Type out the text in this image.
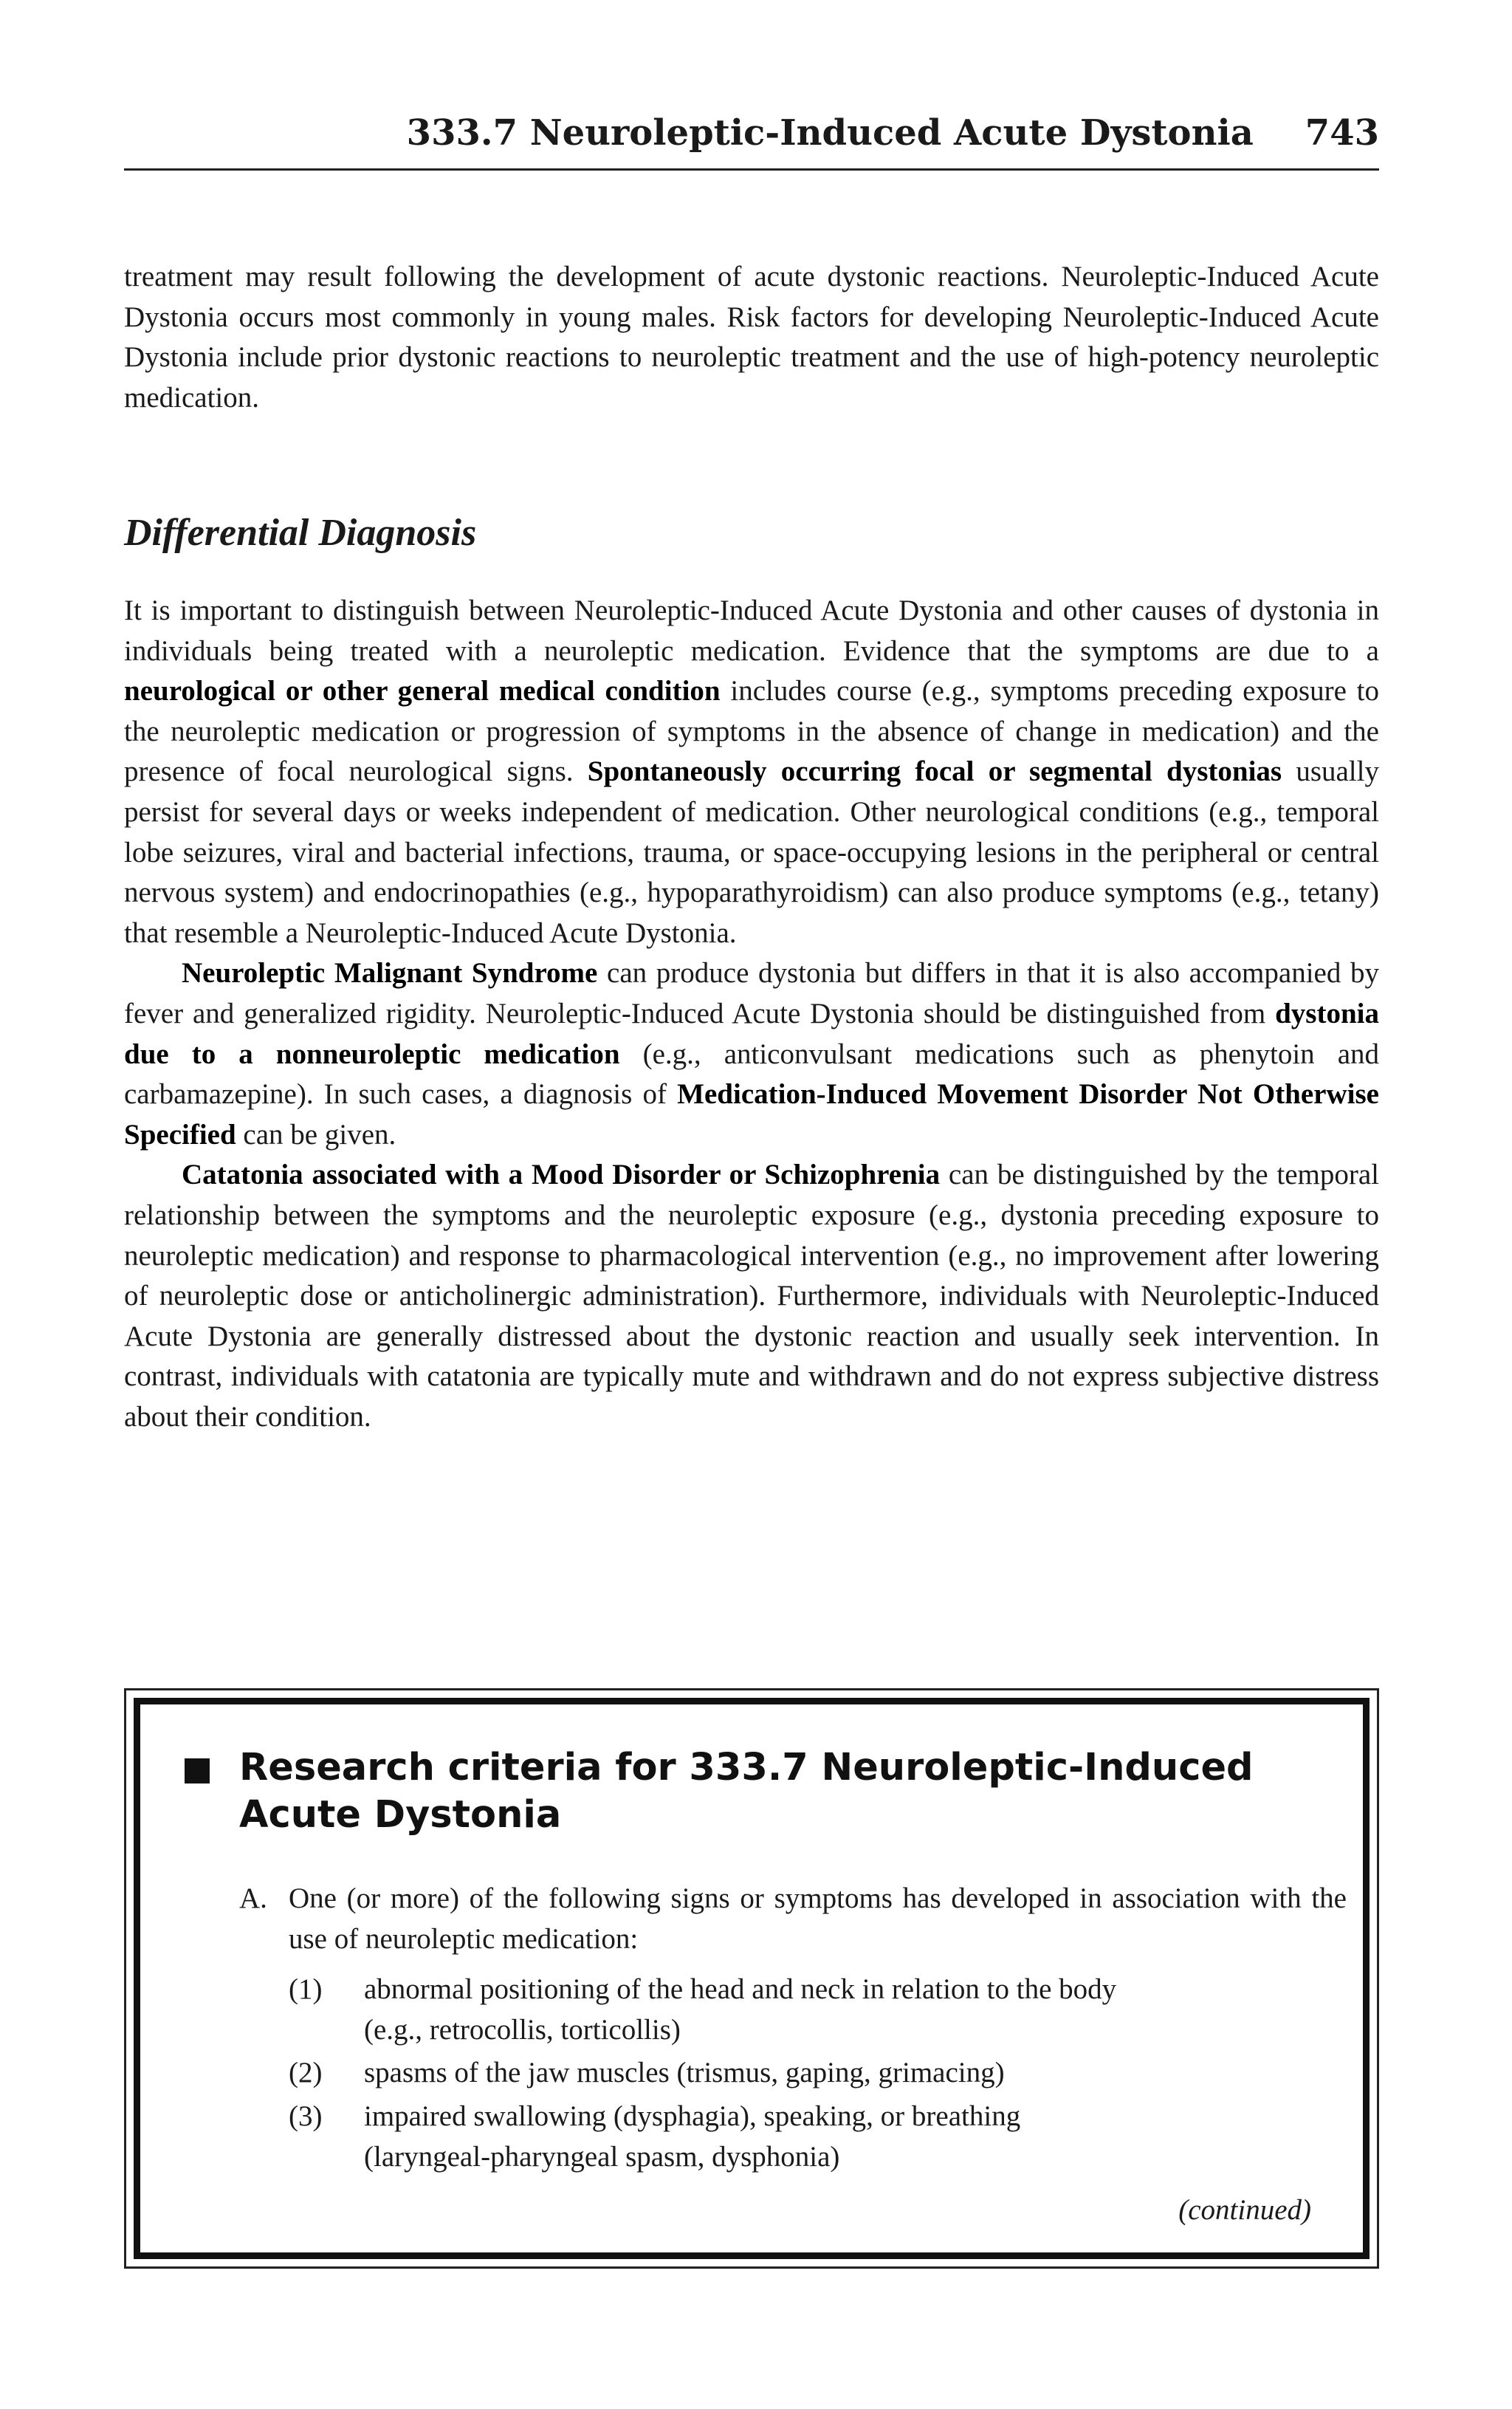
333.7 Neuroleptic-Induced Acute Dystonia 743

treatment may result following the development of acute dystonic reactions. Neuroleptic-Induced Acute Dystonia occurs most commonly in young males. Risk factors for developing Neuroleptic-Induced Acute Dystonia include prior dystonic reactions to neuroleptic treatment and the use of high-potency neuroleptic medication.

Differential Diagnosis

It is important to distinguish between Neuroleptic-Induced Acute Dystonia and other causes of dystonia in individuals being treated with a neuroleptic medication. Evidence that the symptoms are due to a neurological or other general medical condition includes course (e.g., symptoms preceding exposure to the neuroleptic medication or progression of symptoms in the absence of change in medication) and the presence of focal neurological signs. Spontaneously occurring focal or segmental dystonias usually persist for several days or weeks independent of medication. Other neurological conditions (e.g., temporal lobe seizures, viral and bacterial infections, trauma, or space-occupying lesions in the peripheral or central nervous system) and endocrinopathies (e.g., hypoparathyroidism) can also produce symptoms (e.g., tetany) that resemble a Neuroleptic-Induced Acute Dystonia.

Neuroleptic Malignant Syndrome can produce dystonia but differs in that it is also accompanied by fever and generalized rigidity. Neuroleptic-Induced Acute Dystonia should be distinguished from dystonia due to a nonneuroleptic medication (e.g., anticonvulsant medications such as phenytoin and carbamazepine). In such cases, a diagnosis of Medication-Induced Movement Disorder Not Otherwise Specified can be given.

Catatonia associated with a Mood Disorder or Schizophrenia can be distinguished by the temporal relationship between the symptoms and the neuroleptic exposure (e.g., dystonia preceding exposure to neuroleptic medication) and response to pharmacological intervention (e.g., no improvement after lowering of neuroleptic dose or anticholinergic administration). Furthermore, individuals with Neuroleptic-Induced Acute Dystonia are generally distressed about the dystonic reaction and usually seek intervention. In contrast, individuals with catatonia are typically mute and withdrawn and do not express subjective distress about their condition.

Research criteria for 333.7 Neuroleptic-Induced
Acute Dystonia
A. One (or more) of the following signs or symptoms has developed in association with the use of neuroleptic medication:
(1) abnormal positioning of the head and neck in relation to the body
(e.g., retrocollis, torticollis)
(2) spasms of the jaw muscles (trismus, gaping, grimacing)
(3) impaired swallowing (dysphagia), speaking, or breathing
(laryngeal-pharyngeal spasm, dysphonia)
(continued)
